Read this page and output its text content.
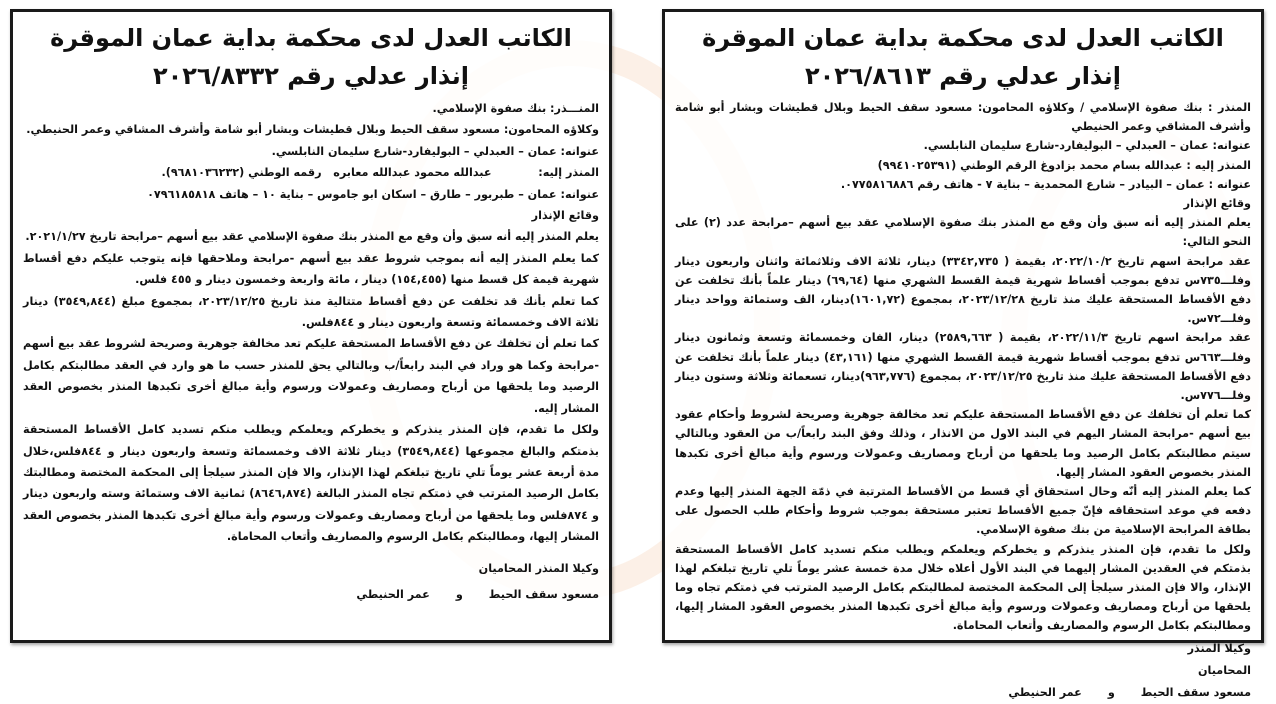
الكاتب العدل لدى محكمة بداية عمان الموقرة
إنذار عدلي رقم ٢٠٢٦/٨٦١٣

المنذر : بنك صفوة الإسلامي / وكلاؤه المحامون: مسعود سقف الحيط وبلال قطيشات وبشار أبو شامة وأشرف المشاقي وعمر الحنيطي

عنوانه: عمان – العبدلي – البوليفارد-شارع سليمان النابلسي.

المنذر إليه : عبدالله بسام محمد بزادوغ الرقم الوطني (٩٩٤١٠٢٥٣٩١)

عنوانه : عمان – البيادر – شارع المحمدية – بناية ٧ - هاتف رقم ٠٧٧٥٨١٦٨٨٦.

وقائع الإنذار

يعلم المنذر إليه أنه سبق وأن وقع مع المنذر بنك صفوة الإسلامي عقد بيع أسهم –مرابحة عدد (٢) على النحو التالي:

عقد مرابحة اسهم تاريخ ٢٠٢٢/١٠/٢، بقيمة ( ٣٣٤٢,٧٣٥) دينار، ثلاثة الاف وثلاثمائة واثنان واربعون دينار وفلـــ٧٣٥س تدفع بموجب أقساط شهرية قيمة القسط الشهري منها (٦٩,٦٤) دينار علماً بأنك تخلفت عن دفع الأقساط المستحقة عليك منذ تاريخ ٢٠٢٣/١٢/٢٨، بمجموع (١٦٠١,٧٢)دينار، الف وستمائة وواحد دينار وفلـــ٧٢س.

عقد مرابحة اسهم تاريخ ٢٠٢٢/١١/٣، بقيمة ( ٢٥٨٩,٦٦٣) دينار، الفان وخمسمائة وتسعة وثمانون دينار وفلـــ٦٦٣س تدفع بموجب أقساط شهرية قيمة القسط الشهري منها (٤٣,١٦١) دينار علماً بأنك تخلفت عن دفع الأقساط المستحقة عليك منذ تاريخ ٢٠٢٣/١٢/٢٥، بمجموع (٩٦٣,٧٧٦)دينار، تسعمائة وثلاثة وستون دينار وفلـــ٧٧٦س.

كما تعلم أن تخلفك عن دفع الأقساط المستحقة عليكم تعد مخالفة جوهرية وصريحة لشروط وأحكام عقود بيع أسهم -مرابحة المشار اليهم في البند الاول من الانذار ، وذلك وفق البند رابعاً/ب من العقود وبالتالي سيتم مطالبتكم بكامل الرصيد وما يلحقها من أرباح ومصاريف وعمولات ورسوم وأية مبالغ أخرى تكبدها المنذر بخصوص العقود المشار إليها.

كما يعلم المنذر إليه أنّه وحال استحقاق أي قسط من الأقساط المترتبة في ذمّة الجهة المنذر إليها وعدم دفعه في موعد استحقاقه فإنّ جميع الأقساط تعتبر مستحقة بموجب شروط وأحكام طلب الحصول على بطاقة المرابحة الإسلامية من بنك صفوة الإسلامي.

ولكل ما تقدم، فإن المنذر ينذركم و يخطركم ويعلمكم ويطلب منكم تسديد كامل الأقساط المستحقة بذمتكم في العقدين المشار إليهما في البند الأول أعلاه خلال مدة خمسة عشر يوماً تلي تاريخ تبلغكم لهذا الإنذار، والا فإن المنذر سيلجأ إلى المحكمة المختصة لمطالبتكم بكامل الرصيد المترتب في ذمتكم تجاه وما يلحقها من أرباح ومصاريف وعمولات ورسوم وأية مبالغ أخرى تكبدها المنذر بخصوص العقود المشار إليها، ومطالبتكم بكامل الرسوم والمصاريف وأتعاب المحاماة.

وكيلا المنذر

المحاميان

مسعود سقف الحيطوعمر الحنيطي

الكاتب العدل لدى محكمة بداية عمان الموقرة
إنذار عدلي رقم ٢٠٢٦/٨٣٣٢

المنـــذر: بنك صفوة الإسلامي.

وكلاؤه المحامون: مسعود سقف الحيط وبلال قطيشات وبشار أبو شامة وأشرف المشاقي وعمر الحنيطي.

عنوانه: عمان – العبدلي – البوليفارد-شارع سليمان النابلسي.

المنذر إليه:            عبدالله محمود عبدالله معابره   رقمه الوطني (٩٦٨١٠٣٦٢٣٢).

عنوانه: عمان – طبربور – طارق – اسكان ابو جاموس – بناية ١٠ – هاتف ٠٧٩٦١٨٥٨١٨

وقائع الإنذار

يعلم المنذر إليه أنه سبق وأن وقع مع المنذر بنك صفوة الإسلامي عقد بيع أسهم –مرابحة تاريخ ٢٠٢١/١/٢٧.

كما يعلم المنذر إليه أنه بموجب شروط عقد بيع أسهم -مرابحة وملاحقها فإنه يتوجب عليكم دفع أقساط شهرية قيمة كل قسط منها (١٥٤,٤٥٥) دينار ، مائة واربعة وخمسون دينار و ٤٥٥ فلس.

كما تعلم بأنك قد تخلفت عن دفع أقساط متتالية منذ تاريخ ٢٠٢٣/١٢/٢٥، بمجموع مبلغ (٣٥٤٩,٨٤٤) دينار ثلاثة الاف وخمسمائة وتسعة واربعون دينار و ٨٤٤فلس.

كما تعلم أن تخلفك عن دفع الأقساط المستحقة عليكم تعد مخالفة جوهرية وصريحة لشروط عقد بيع أسهم -مرابحة وكما هو وراد في البند رابعاً/ب وبالتالي يحق للمنذر حسب ما هو وارد في العقد مطالبتكم بكامل الرصيد وما يلحقها من أرباح ومصاريف وعمولات ورسوم وأية مبالغ أخرى تكبدها المنذر بخصوص العقد المشار إليه.

ولكل ما تقدم، فإن المنذر ينذركم و يخطركم ويعلمكم ويطلب منكم تسديد كامل الأقساط المستحقة بذمتكم والبالغ مجموعها (٣٥٤٩,٨٤٤) دينار ثلاثة الاف وخمسمائة وتسعة واربعون دينار و ٨٤٤فلس،خلال مدة أربعة عشر يوماً تلي تاريخ تبلغكم لهذا الإنذار، والا فإن المنذر سيلجأ إلى المحكمة المختصة ومطالبتك بكامل الرصيد المترتب في ذمتكم تجاه المنذر البالغة (٨٦٤٦,٨٧٤) ثمانية الاف وستمائة وسته واربعون دينار و ٨٧٤فلس وما يلحقها من أرباح ومصاريف وعمولات ورسوم وأية مبالغ أخرى تكبدها المنذر بخصوص العقد المشار إليها، ومطالبتكم بكامل الرسوم والمصاريف وأتعاب المحاماة.

وكيلا المنذر المحاميان

مسعود سقف الحيطوعمر الحنيطي
